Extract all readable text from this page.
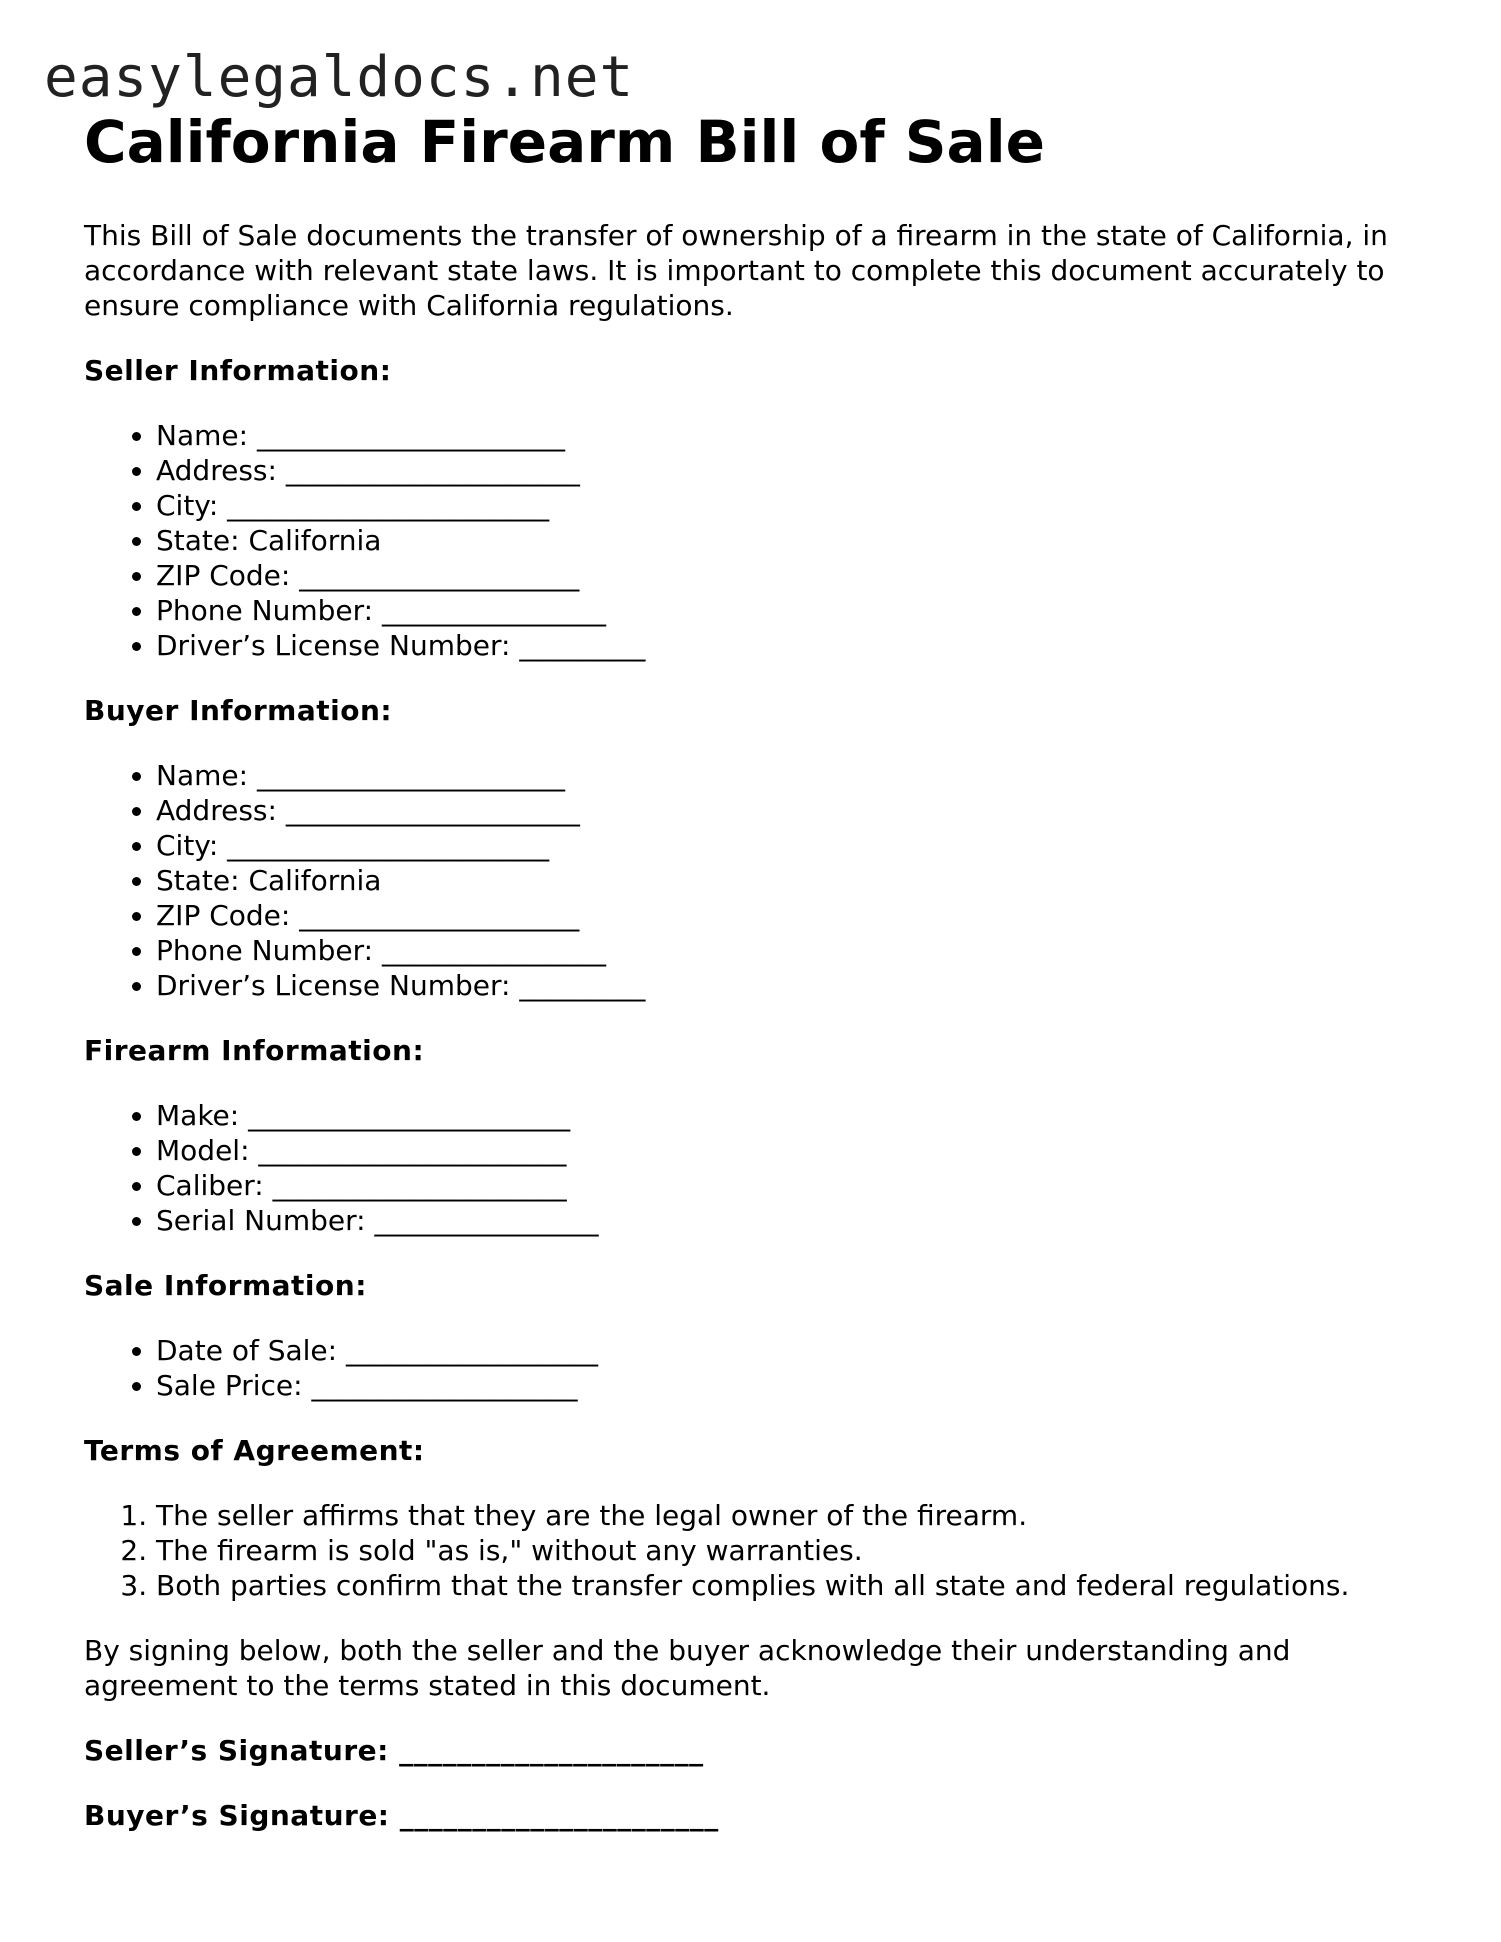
easylegaldocs.net
California Firearm Bill of Sale

This Bill of Sale documents the transfer of ownership of a firearm in the state of California, in accordance with relevant state laws. It is important to complete this document accurately to ensure compliance with California regulations.

Seller Information:
• Name: ______________________
• Address: _____________________
• City: _______________________
• State: California
• ZIP Code: ____________________
• Phone Number: ________________
• Driver’s License Number: _________
Buyer Information:
• Name: ______________________
• Address: _____________________
• City: _______________________
• State: California
• ZIP Code: ____________________
• Phone Number: ________________
• Driver’s License Number: _________
Firearm Information:
• Make: _______________________
• Model: ______________________
• Caliber: _____________________
• Serial Number: ________________
Sale Information:
• Date of Sale: __________________
• Sale Price: ___________________
Terms of Agreement:
1. The seller affirms that they are the legal owner of the firearm.
2. The firearm is sold "as is," without any warranties.
3. Both parties confirm that the transfer complies with all state and federal regulations.

By signing below, both the seller and the buyer acknowledge their understanding and agreement to the terms stated in this document.

Seller’s Signature: _____________________

Buyer’s Signature: ______________________
